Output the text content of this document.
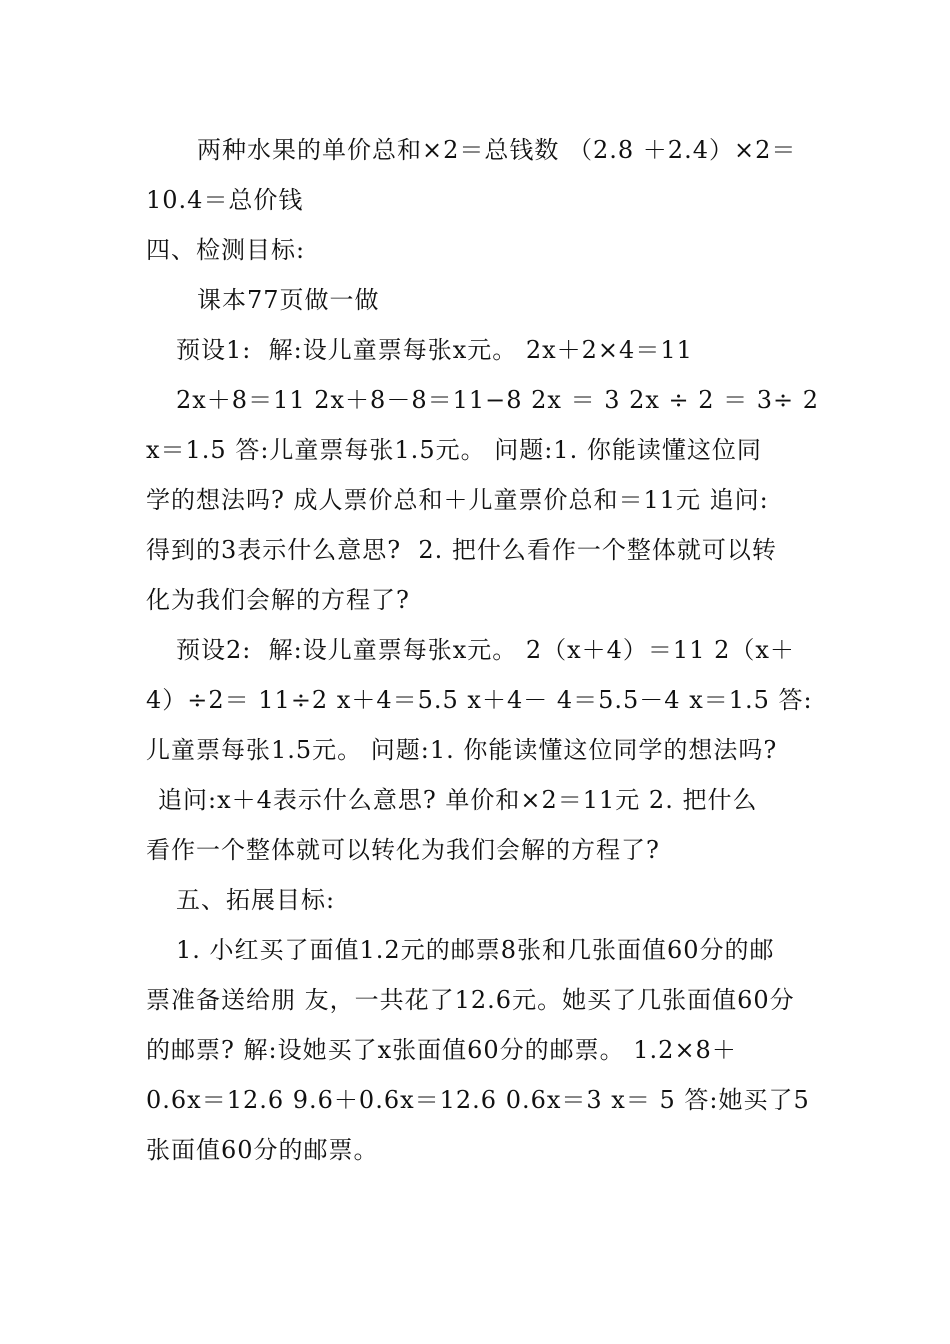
两种水果的单价总和×2＝总钱数 （2.8 ＋2.4）×2＝
10.4＝总价钱
四、检测目标:
课本77页做一做
预设1:  解:设儿童票每张x元。 2x＋2×4＝11
2x＋8＝11 2x＋8－8＝11−8 2x ＝ 3 2x ÷ 2 ＝ 3÷ 2
x＝1.5 答:儿童票每张1.5元。 问题:1. 你能读懂这位同
学的想法吗? 成人票价总和＋儿童票价总和＝11元 追问:
得到的3表示什么意思?  2. 把什么看作一个整体就可以转
化为我们会解的方程了?
预设2:  解:设儿童票每张x元。 2（x＋4）＝11 2（x＋
4）÷2＝ 11÷2 x＋4＝5.5 x＋4－ 4＝5.5－4 x＝1.5 答:
儿童票每张1.5元。 问题:1. 你能读懂这位同学的想法吗?
追问:x＋4表示什么意思? 单价和×2＝11元 2. 把什么
看作一个整体就可以转化为我们会解的方程了?
五、拓展目标:
1. 小红买了面值1.2元的邮票8张和几张面值60分的邮
票准备送给朋 友，一共花了12.6元。她买了几张面值60分
的邮票? 解:设她买了x张面值60分的邮票。 1.2×8＋
0.6x＝12.6 9.6＋0.6x＝12.6 0.6x＝3 x＝ 5 答:她买了5
张面值60分的邮票。
